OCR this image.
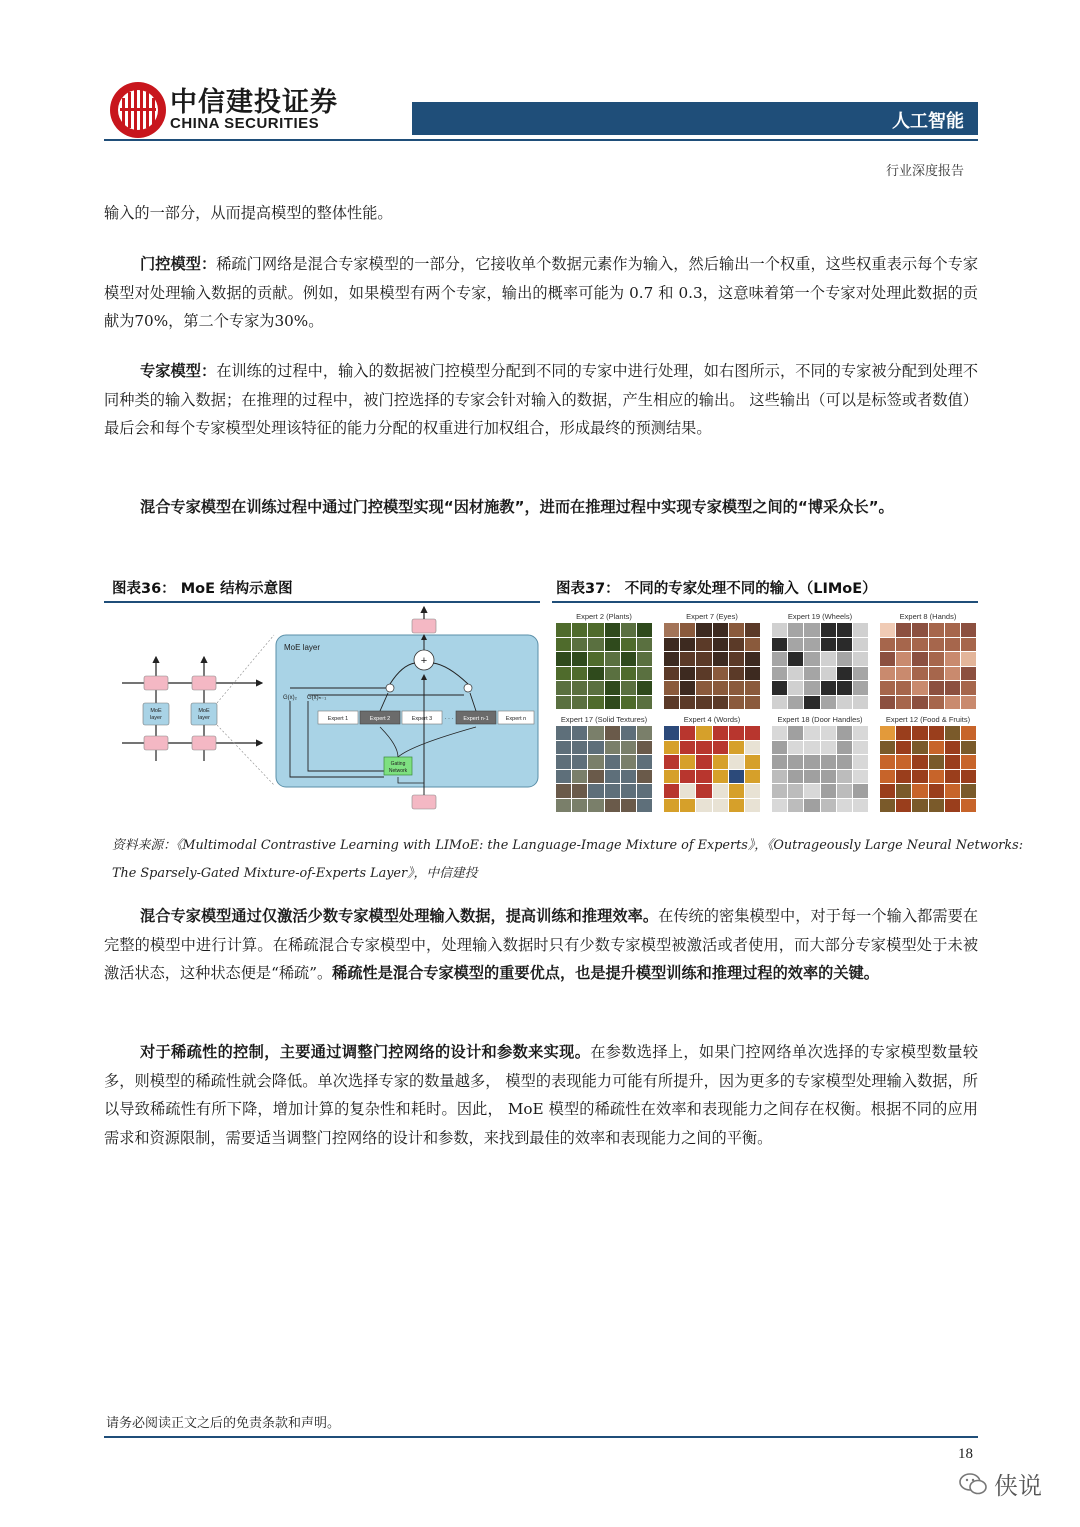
中信建投证券
CHINA SECURITIES	人工智能
行业深度报告
输入的一部分，从而提高模型的整体性能。
门控模型：稀疏门网络是混合专家模型的一部分，它接收单个数据元素作为输入，然后输出一个权重，这些权重表示每个专家模型对处理输入数据的贡献。例如，如果模型有两个专家，输出的概率可能为 0.7 和 0.3，这意味着第一个专家对处理此数据的贡献为70%，第二个专家为30%。
专家模型：在训练的过程中，输入的数据被门控模型分配到不同的专家中进行处理，如右图所示，不同的专家被分配到处理不同种类的输入数据；在推理的过程中，被门控选择的专家会针对输入的数据，产生相应的输出。 这些输出（可以是标签或者数值） 最后会和每个专家模型处理该特征的能力分配的权重进行加权组合，形成最终的预测结果。
混合专家模型在训练过程中通过门控模型实现“因材施教”，进而在推理过程中实现专家模型之间的“博采众长”。
图表36： MoE 结构示意图	图表37： 不同的专家处理不同的输入（LIMoE）
MoE
layer
MoE
layer
MoE layer
+
Expert 1	Expert 2	Expert 3 · · · Expert n-1	Expert n
G(x)₂ G(x)ₙ₋₁
Gating
Network
Expert 2 (Plants)	Expert 7 (Eyes)	Expert 19 (Wheels)	Expert 8 (Hands)
Expert 17 (Solid Textures)	Expert 4 (Words)	Expert 18 (Door Handles)	Expert 12 (Food & Fruits)
资料来源：《Multimodal Contrastive Learning with LIMoE: the Language-Image Mixture of Experts》，《Outrageously Large Neural Networks:
The Sparsely-Gated Mixture-of-Experts Layer》，中信建投
混合专家模型通过仅激活少数专家模型处理输入数据，提高训练和推理效率。在传统的密集模型中，对于每一个输入都需要在完整的模型中进行计算。在稀疏混合专家模型中，处理输入数据时只有少数专家模型被激活或者使用，而大部分专家模型处于未被激活状态，这种状态便是“稀疏”。稀疏性是混合专家模型的重要优点，也是提升模型训练和推理过程的效率的关键。
对于稀疏性的控制，主要通过调整门控网络的设计和参数来实现。在参数选择上，如果门控网络单次选择的专家模型数量较多，则模型的稀疏性就会降低。单次选择专家的数量越多， 模型的表现能力可能有所提升，因为更多的专家模型处理输入数据，所以导致稀疏性有所下降，增加计算的复杂性和耗时。因此， MoE 模型的稀疏性在效率和表现能力之间存在权衡。根据不同的应用需求和资源限制，需要适当调整门控网络的设计和参数，来找到最佳的效率和表现能力之间的平衡。
请务必阅读正文之后的免责条款和声明。
18
侠说
